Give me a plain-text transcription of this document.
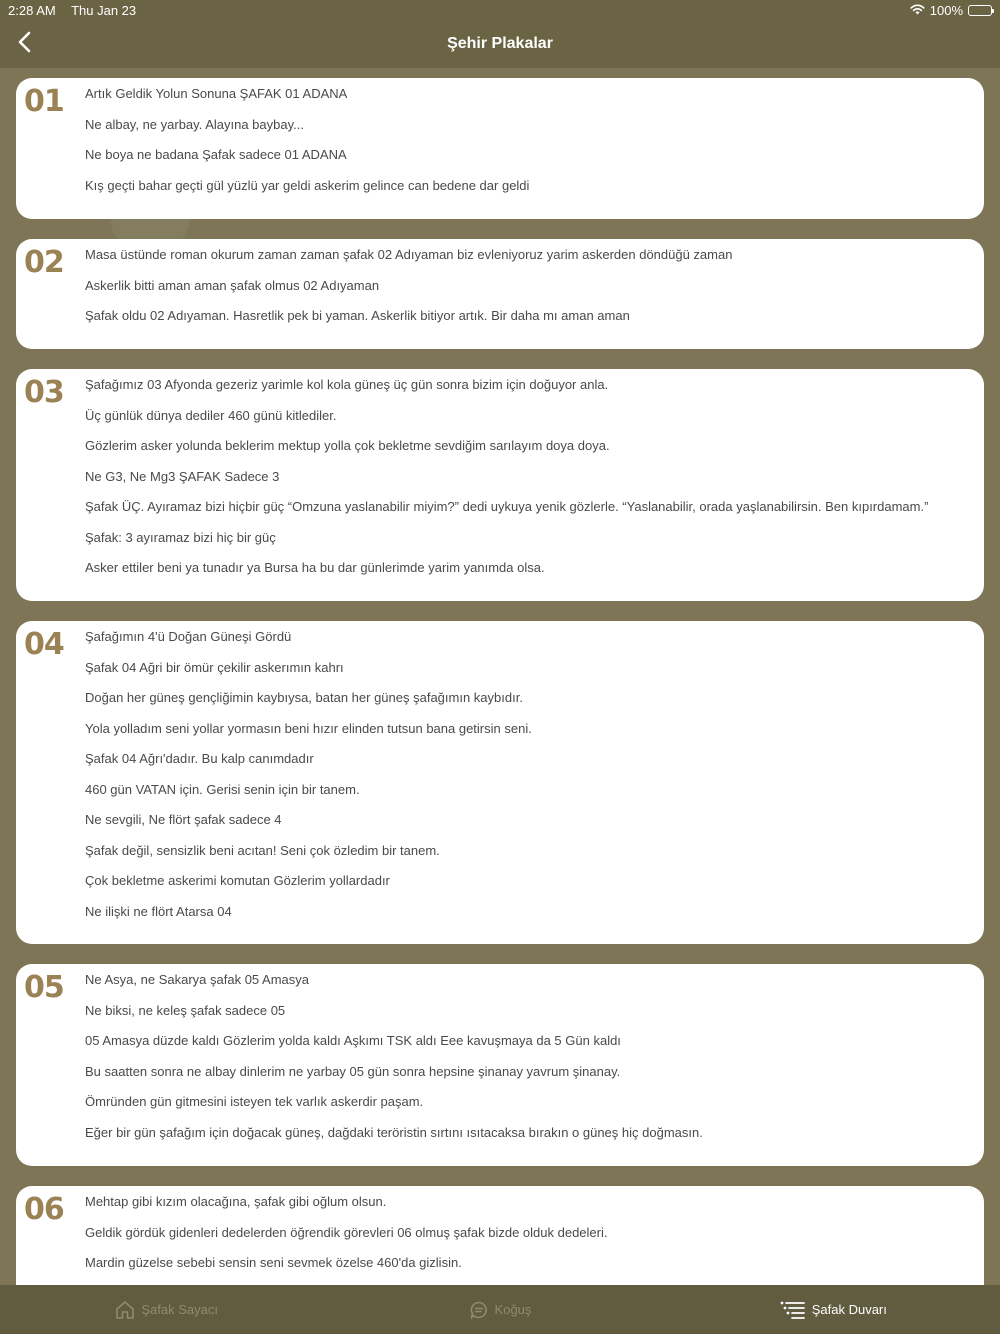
2:28 AM Thu Jan 23	100%
Şehir Plakalar
01 Artık Geldik Yolun Sonuna ŞAFAK 01 ADANA
Ne albay, ne yarbay. Alayına baybay...
Ne boya ne badana Şafak sadece 01 ADANA
Kış geçti bahar geçti gül yüzlü yar geldi askerim gelince can bedene dar geldi
02 Masa üstünde roman okurum zaman zaman şafak 02 Adıyaman biz evleniyoruz yarim askerden döndüğü zaman
Askerlik bitti aman aman şafak olmus 02 Adıyaman
Şafak oldu 02 Adıyaman. Hasretlik pek bi yaman. Askerlik bitiyor artık. Bir daha mı aman aman
03 Şafağımız 03 Afyonda gezeriz yarimle kol kola güneş üç gün sonra bizim için doğuyor anla.
Üç günlük dünya dediler 460 günü kitlediler.
Gözlerim asker yolunda beklerim mektup yolla çok bekletme sevdiğim sarılayım doya doya.
Ne G3, Ne Mg3 ŞAFAK Sadece 3
Şafak ÜÇ. Ayıramaz bizi hiçbir güç “Omzuna yaslanabilir miyim?” dedi uykuya yenik gözlerle. “Yaslanabilir, orada yaşlanabilirsin. Ben kıpırdamam.”
Şafak: 3 ayıramaz bizi hiç bir güç
Asker ettiler beni ya tunadır ya Bursa ha bu dar günlerimde yarim yanımda olsa.
04 Şafağımın 4'ü Doğan Güneşi Gördü
Şafak 04 Ağri bir ömür çekilir askerımın kahrı
Doğan her güneş gençliğimin kaybıysa, batan her güneş şafağımın kaybıdır.
Yola yolladım seni yollar yormasın beni hızır elinden tutsun bana getirsin seni.
Şafak 04 Ağrı'dadır. Bu kalp canımdadır
460 gün VATAN için. Gerisi senin için bir tanem.
Ne sevgili, Ne flört şafak sadece 4
Şafak değil, sensizlik beni acıtan! Seni çok özledim bir tanem.
Çok bekletme askerimi komutan Gözlerim yollardadır
Ne ilişki ne flört Atarsa 04
05 Ne Asya, ne Sakarya şafak 05 Amasya
Ne biksi, ne keleş şafak sadece 05
05 Amasya düzde kaldı Gözlerim yolda kaldı Aşkımı TSK aldı Eee kavuşmaya da 5 Gün kaldı
Bu saatten sonra ne albay dinlerim ne yarbay 05 gün sonra hepsine şinanay yavrum şinanay.
Ömründen gün gitmesini isteyen tek varlık askerdir paşam.
Eğer bir gün şafağım için doğacak güneş, dağdaki teröristin sırtını ısıtacaksa bırakın o güneş hiç doğmasın.
06 Mehtap gibi kızım olacağına, şafak gibi oğlum olsun.
Geldik gördük gidenleri dedelerden öğrendik görevleri 06 olmuş şafak bizde olduk dedeleri.
Mardin güzelse sebebi sensin seni sevmek özelse 460'da gizlisin.
Şafak Sayacı	Koğuş	Şafak Duvarı
